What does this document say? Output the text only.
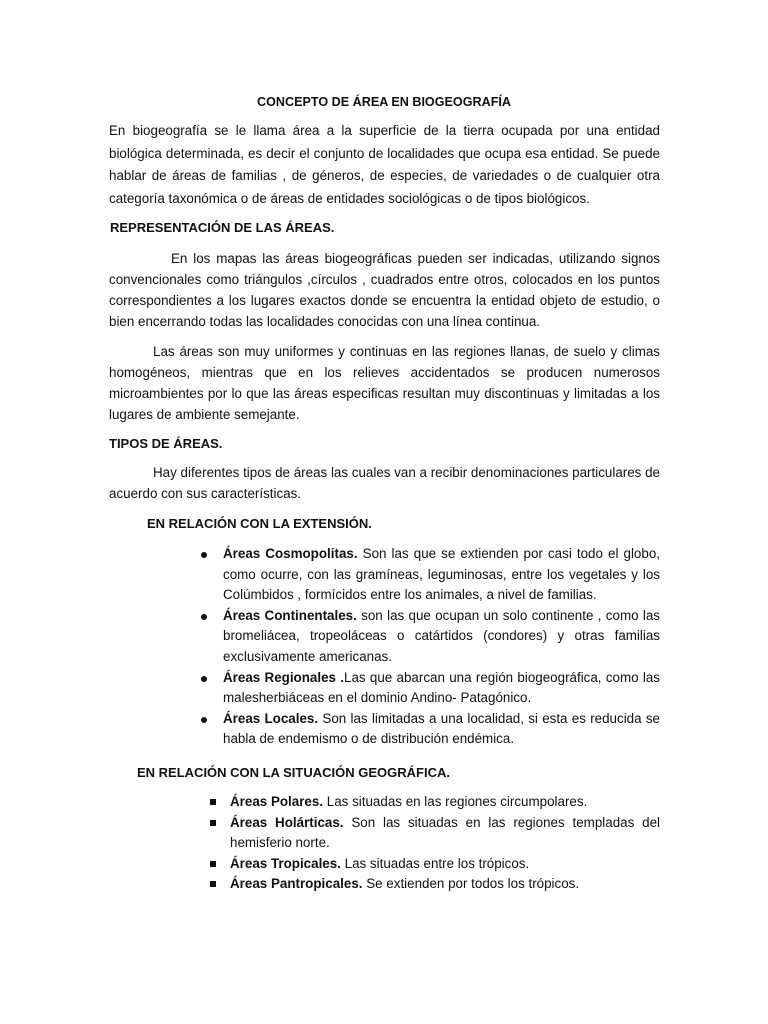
CONCEPTO DE ÁREA EN BIOGEOGRAFÍA

En biogeografía se le llama área a la superficie de la tierra ocupada por una entidad biológica determinada, es decir el conjunto de localidades que ocupa esa entidad. Se puede hablar de áreas de familias , de géneros, de especies, de variedades o de cualquier otra categoría taxonómica o de áreas de entidades sociológicas o de tipos biológicos.

REPRESENTACIÓN DE LAS ÁREAS.

En los mapas las áreas biogeográficas pueden ser indicadas, utilizando signos convencionales como triángulos ,círculos , cuadrados entre otros, colocados en los puntos correspondientes a los lugares exactos donde se encuentra la entidad objeto de estudio, o bien encerrando todas las localidades conocidas con una línea continua.

Las áreas son muy uniformes y continuas en las regiones llanas, de suelo y climas homogéneos, mientras que en los relieves accidentados se producen numerosos microambientes por lo que las áreas especificas resultan muy discontinuas y limitadas a los lugares de ambiente semejante.

TIPOS DE ÁREAS.

Hay diferentes tipos de áreas las cuales van a recibir denominaciones particulares de acuerdo con sus características.

EN RELACIÓN CON LA EXTENSIÓN.
Áreas Cosmopolitas. Son las que se extienden por casi todo el globo, como ocurre, con las gramíneas, leguminosas, entre los vegetales y los Colúmbidos , formícidos entre los animales, a nivel de familias.
Áreas Continentales. son las que ocupan un solo continente , como las bromeliácea, tropeoláceas o catártidos (condores) y otras familias exclusivamente americanas.
Áreas Regionales .Las que abarcan una región biogeográfica, como las malesherbiáceas en el dominio Andino- Patagónico.
Áreas Locales. Son las limitadas a una localidad, si esta es reducida se habla de endemismo o de distribución endémica.
EN RELACIÓN CON LA SITUACIÓN GEOGRÁFICA.
Áreas Polares. Las situadas en las regiones circumpolares.
Áreas Holárticas. Son las situadas en las regiones templadas del hemisferio norte.
Áreas Tropicales. Las situadas entre los trópicos.
Áreas Pantropicales. Se extienden por todos los trópicos.
